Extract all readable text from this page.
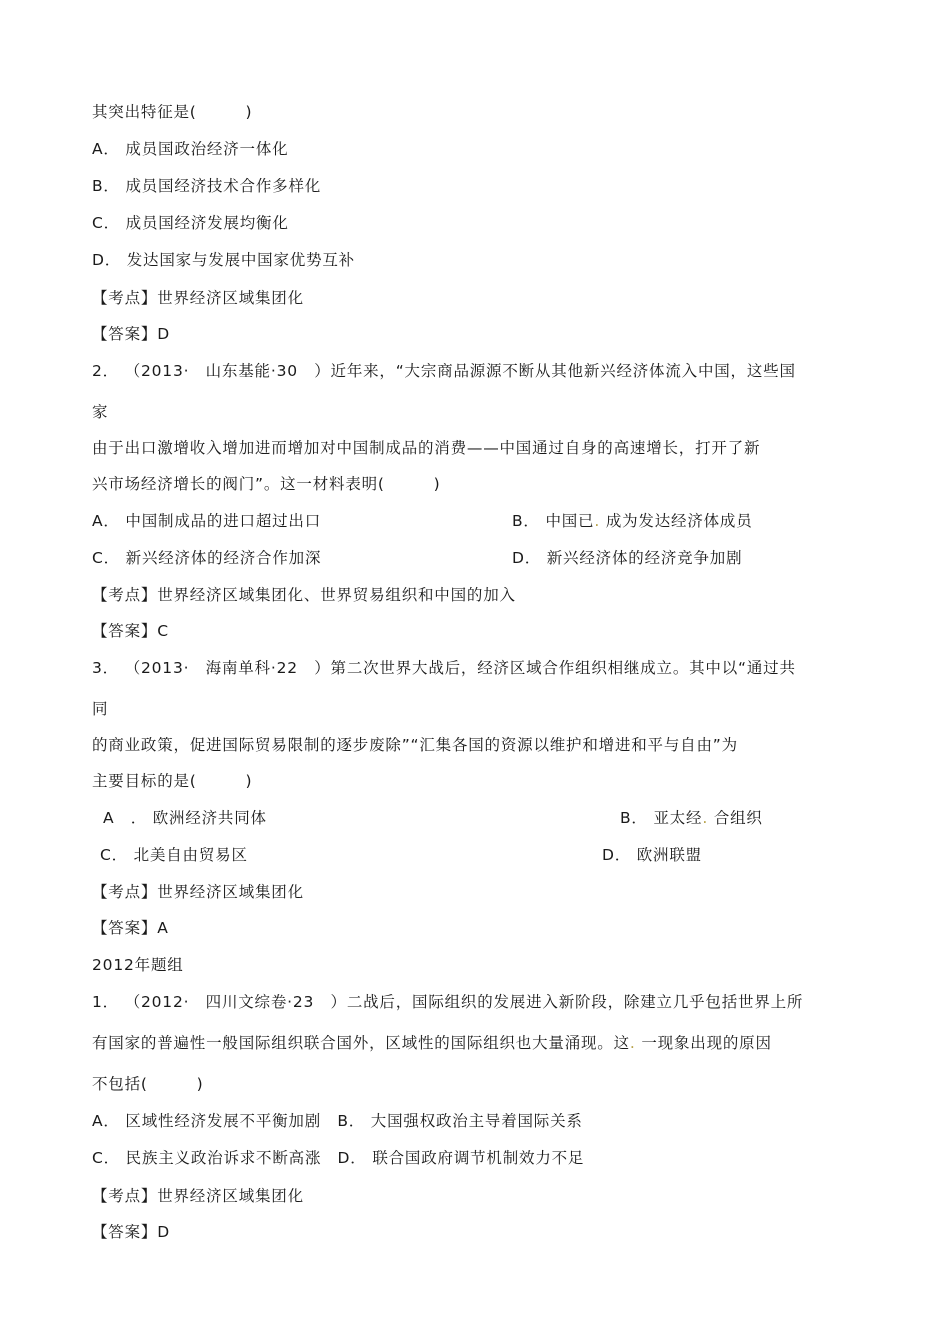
其突出特征是(　　　)
A． 成员国政治经济一体化
B． 成员国经济技术合作多样化
C． 成员国经济发展均衡化
D． 发达国家与发展中国家优势互补
【考点】世界经济区域集团化
【答案】D
2． （2013·　山东基能·30　）近年来，“大宗商品源源不断从其他新兴经济体流入中国，这些国
家
由于出口激增收入增加进而增加对中国制成品的消费——中国通过自身的高速增长，打开了新
兴市场经济增长的阀门”。这一材料表明(　　　)
A． 中国制成品的进口超过出口	B． 中国已. 成为发达经济体成员
C． 新兴经济体的经济合作加深	D． 新兴经济体的经济竞争加剧
【考点】世界经济区域集团化、世界贸易组织和中国的加入
【答案】C
3． （2013·　海南单科·22　）第二次世界大战后，经济区域合作组织相继成立。其中以“通过共
同
的商业政策，促进国际贸易限制的逐步废除”“汇集各国的资源以维护和增进和平与自由”为
主要目标的是(　　　)
A　． 欧洲经济共同体	B． 亚太经. 合组织
C． 北美自由贸易区	D． 欧洲联盟
【考点】世界经济区域集团化
【答案】A
2012年题组
1． （2012·　四川文综卷·23　）二战后，国际组织的发展进入新阶段，除建立几乎包括世界上所
有国家的普遍性一般国际组织联合国外，区域性的国际组织也大量涌现。这. 一现象出现的原因
不包括(　　　)
A． 区域性经济发展不平衡加剧　B． 大国强权政治主导着国际关系
C． 民族主义政治诉求不断高涨　D． 联合国政府调节机制效力不足
【考点】世界经济区域集团化
【答案】D
